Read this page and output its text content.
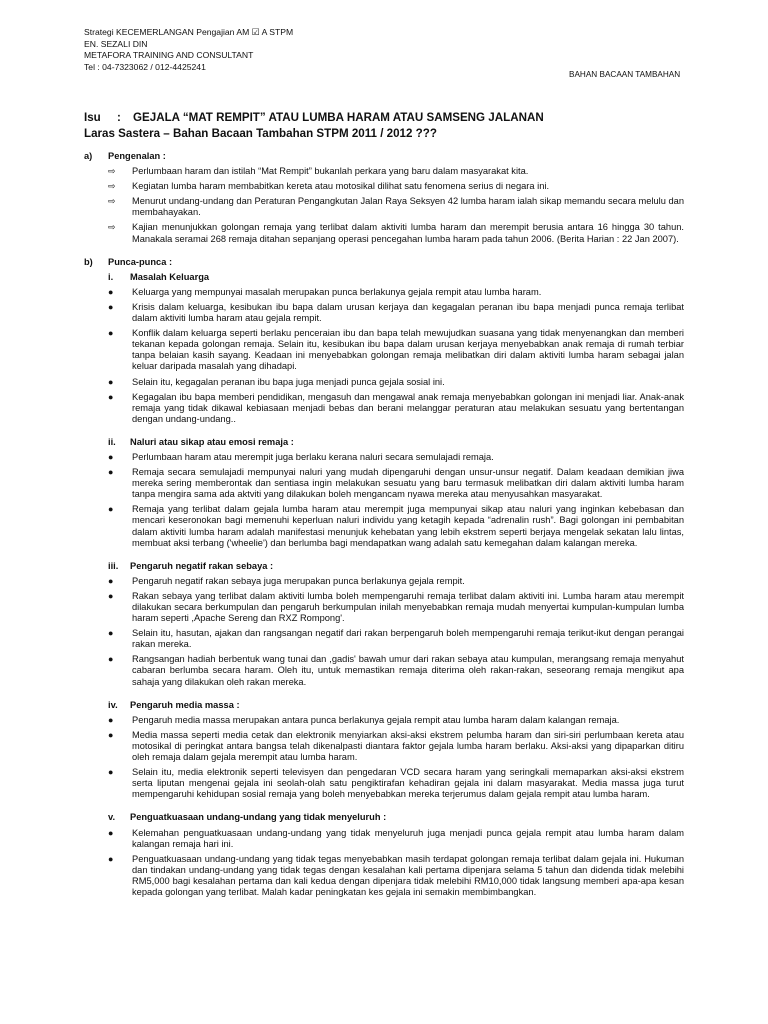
Strategi KECEMERLANGAN Pengajian AM ☑ A STPM
EN. SEZALI DIN
METAFORA TRAINING AND CONSULTANT
Tel : 04-7323062 / 012-4425241
BAHAN BACAAN TAMBAHAN
Isu : GEJALA “MAT REMPIT” ATAU LUMBA HARAM ATAU SAMSENG JALANAN
Laras Sastera – Bahan Bacaan Tambahan STPM 2011 / 2012 ???
a)	Pengenalan :
⇨	Perlumbaan haram dan istilah “Mat Rempit” bukanlah perkara yang baru dalam masyarakat kita.
⇨	Kegiatan lumba haram membabitkan kereta atau motosikal dilihat satu fenomena serius di negara ini.
⇨	Menurut undang-undang dan Peraturan Pengangkutan Jalan Raya Seksyen 42 lumba haram ialah sikap memandu secara melulu dan membahayakan.
⇨	Kajian menunjukkan golongan remaja yang terlibat dalam aktiviti lumba haram dan merempit berusia antara 16 hingga 30 tahun. Manakala seramai 268 remaja ditahan sepanjang operasi pencegahan lumba haram pada tahun 2006. (Berita Harian : 22 Jan 2007).
b)	Punca-punca :
i.	Masalah Keluarga
●	Keluarga yang mempunyai masalah merupakan punca berlakunya gejala rempit atau lumba haram.
●	Krisis dalam keluarga, kesibukan ibu bapa dalam urusan kerjaya dan kegagalan peranan ibu bapa menjadi punca remaja terlibat dalam aktiviti lumba haram atau gejala rempit.
●	Konflik dalam keluarga seperti berlaku penceraian ibu dan bapa telah mewujudkan suasana yang tidak menyenangkan dan memberi tekanan kepada golongan remaja. Selain itu, kesibukan ibu bapa dalam urusan kerjaya menyebabkan anak remaja di rumah terbiar tanpa belaian kasih sayang. Keadaan ini menyebabkan golongan remaja melibatkan diri dalam aktiviti lumba haram sebagai jalan keluar daripada masalah yang dihadapi.
●	Selain itu, kegagalan peranan ibu bapa juga menjadi punca gejala sosial ini.
●	Kegagalan ibu bapa memberi pendidikan, mengasuh dan mengawal anak remaja menyebabkan golongan ini menjadi liar. Anak-anak remaja yang tidak dikawal kebiasaan menjadi bebas dan berani melanggar peraturan atau melakukan sesuatu yang bertentangan dengan undang-undang..
ii.	Naluri atau sikap atau emosi remaja :
●	Perlumbaan haram atau merempit juga berlaku kerana naluri secara semulajadi remaja.
●	Remaja secara semulajadi mempunyai naluri yang mudah dipengaruhi dengan unsur-unsur negatif. Dalam keadaan demikian jiwa mereka sering memberontak dan sentiasa ingin melakukan sesuatu yang baru termasuk melibatkan diri dalam aktiviti lumba haram tanpa mengira sama ada aktviti yang dilakukan boleh mengancam nyawa mereka atau menyusahkan masyarakat.
●	Remaja yang terlibat dalam gejala lumba haram atau merempit juga mempunyai sikap atau naluri yang inginkan kebebasan dan mencari keseronokan bagi memenuhi keperluan naluri individu yang ketagih kepada “adrenalin rush”. Bagi golongan ini pembabitan dalam aktiviti lumba haram adalah manifestasi menunjuk kehebatan yang lebih ekstrem seperti berjaya mengelak sekatan lalu lintas, membuat aksi terbang ('wheelie') dan berlumba bagi mendapatkan wang adalah satu kemegahan dalam kalangan mereka.
iii.	Pengaruh negatif rakan sebaya :
●	Pengaruh negatif rakan sebaya juga merupakan punca berlakunya gejala rempit.
●	Rakan sebaya yang terlibat dalam aktiviti lumba boleh mempengaruhi remaja terlibat dalam aktiviti ini. Lumba haram atau merempit dilakukan secara berkumpulan dan pengaruh berkumpulan inilah menyebabkan remaja mudah menyertai kumpulan-kumpulan lumba haram seperti ,Apache Sereng dan RXZ Rompong'.
●	Selain itu, hasutan, ajakan dan rangsangan negatif dari rakan berpengaruh boleh mempengaruhi remaja terikut-ikut dengan perangai rakan mereka.
●	Rangsangan hadiah berbentuk wang tunai dan ,gadis' bawah umur dari rakan sebaya atau kumpulan, merangsang remaja menyahut cabaran berlumba secara haram. Oleh itu, untuk memastikan remaja diterima oleh rakan-rakan, seseorang remaja mengikut apa sahaja yang dilakukan oleh rakan mereka.
iv.	Pengaruh media massa :
●	Pengaruh media massa merupakan antara punca berlakunya gejala rempit atau lumba haram dalam kalangan remaja.
●	Media massa seperti media cetak dan elektronik menyiarkan aksi-aksi ekstrem pelumba haram dan siri-siri perlumbaan kereta atau motosikal di peringkat antara bangsa telah dikenalpasti diantara faktor gejala lumba haram berlaku. Aksi-aksi yang dipaparkan ditiru oleh remaja dalam gejala merempit atau lumba haram.
●	Selain itu, media elektronik seperti televisyen dan pengedaran VCD secara haram yang seringkali memaparkan aksi-aksi ekstrem serta liputan mengenai gejala ini seolah-olah satu pengiktirafan kehadiran gejala ini dalam masyarakat. Media massa juga turut mempengaruhi kehidupan sosial remaja yang boleh menyebabkan mereka terjerumus dalam gejala rempit atau lumba haram.
v.	Penguatkuasaan undang-undang yang tidak menyeluruh :
●	Kelemahan penguatkuasaan undang-undang yang tidak menyeluruh juga menjadi punca gejala rempit atau lumba haram dalam kalangan remaja hari ini.
●	Penguatkuasaan undang-undang yang tidak tegas menyebabkan masih terdapat golongan remaja terlibat dalam gejala ini. Hukuman dan tindakan undang-undang yang tidak tegas dengan kesalahan kali pertama dipenjara selama 5 tahun dan didenda tidak melebihi RM5,000 bagi kesalahan pertama dan kali kedua dengan dipenjara tidak melebihi RM10,000 tidak langsung memberi apa-apa kesan kepada golongan yang terlibat. Malah kadar peningkatan kes gejala ini semakin membimbangkan.
